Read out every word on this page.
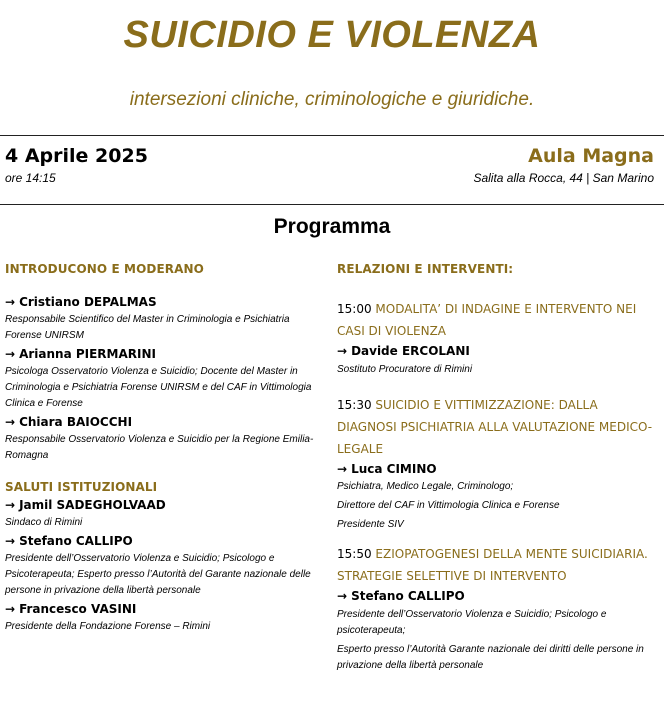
SUICIDIO E VIOLENZA
intersezioni cliniche, criminologiche e giuridiche.
4 Aprile 2025
ore 14:15
Aula Magna
Salita alla Rocca, 44 | San Marino
Programma
INTRODUCONO E MODERANO
→ Cristiano DEPALMAS
Responsabile Scientifico del Master in Criminologia e Psichiatria Forense UNIRSM
→ Arianna PIERMARINI
Psicologa Osservatorio Violenza e Suicidio; Docente del Master in Criminologia e Psichiatria Forense UNIRSM e del CAF in Vittimologia Clinica e Forense
→ Chiara BAIOCCHI
Responsabile Osservatorio Violenza e Suicidio per la Regione Emilia-Romagna
SALUTI ISTITUZIONALI
→ Jamil SADEGHOLVAAD
Sindaco di Rimini
→ Stefano CALLIPO
Presidente dell’Osservatorio Violenza e Suicidio; Psicologo e Psicoterapeuta; Esperto presso l’Autorità del Garante nazionale delle persone in privazione della libertà personale
→ Francesco VASINI
Presidente della Fondazione Forense – Rimini
RELAZIONI E INTERVENTI:
15:00 MODALITA’ DI INDAGINE E INTERVENTO NEI CASI DI VIOLENZA
→ Davide ERCOLANI
Sostituto Procuratore di Rimini
15:30 SUICIDIO E VITTIMIZZAZIONE: DALLA DIAGNOSI PSICHIATRIA ALLA VALUTAZIONE MEDICO-LEGALE
→ Luca CIMINO
Psichiatra, Medico Legale, Criminologo;
Direttore del CAF in Vittimologia Clinica e Forense
Presidente SIV
15:50 EZIOPATOGENESI DELLA MENTE SUICIDIARIA. STRATEGIE SELETTIVE DI INTERVENTO
→ Stefano CALLIPO
Presidente dell’Osservatorio Violenza e Suicidio; Psicologo e psicoterapeuta;
Esperto presso l’Autorità Garante nazionale dei diritti delle persone in privazione della libertà personale
